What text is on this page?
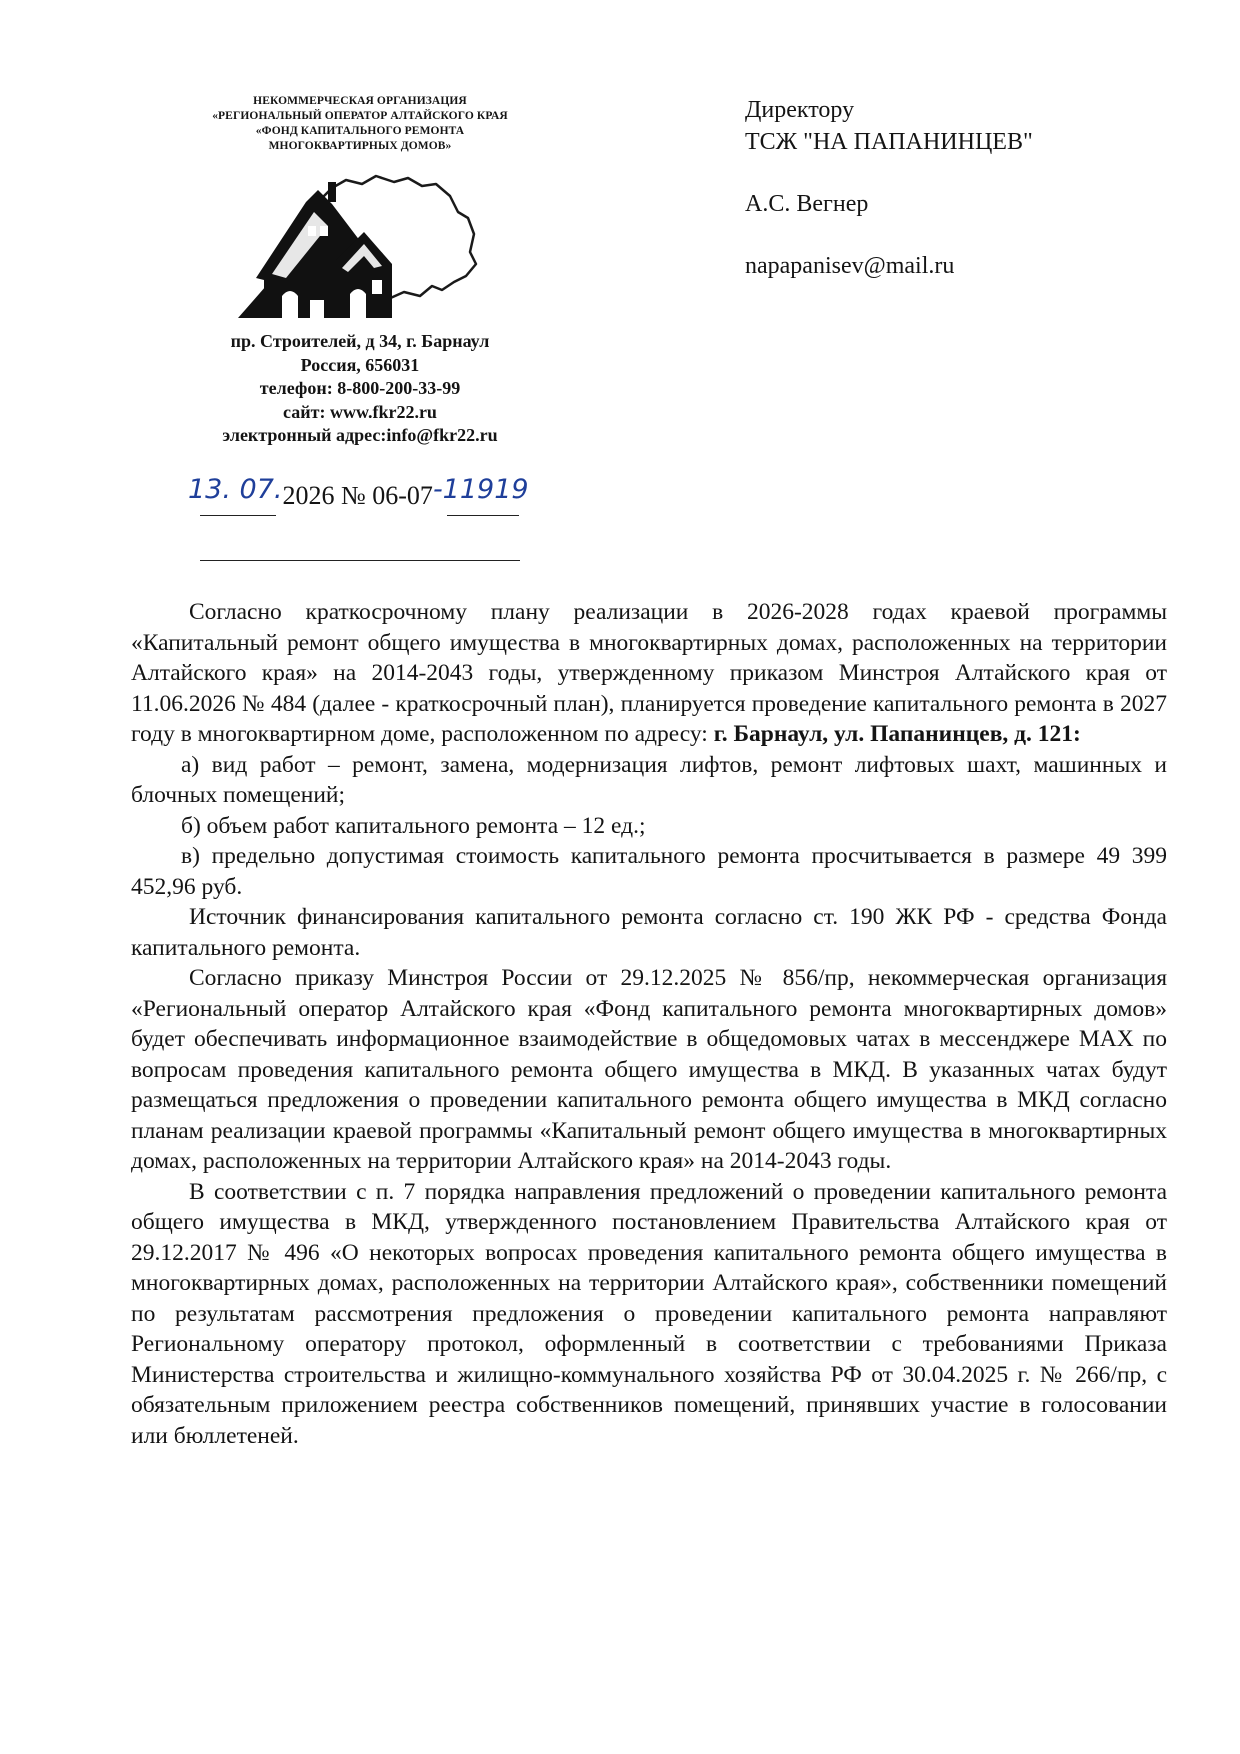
НЕКОММЕРЧЕСКАЯ ОРГАНИЗАЦИЯ
«РЕГИОНАЛЬНЫЙ ОПЕРАТОР АЛТАЙСКОГО КРАЯ
«ФОНД КАПИТАЛЬНОГО РЕМОНТА
МНОГОКВАРТИРНЫХ ДОМОВ»
пр. Строителей, д 34, г. Барнаул
Россия, 656031
телефон: 8-800-200-33-99
сайт: www.fkr22.ru
электронный адрес:info@fkr22.ru
13. 07.2026 № 06-07-11919
Директору
ТСЖ "НА ПАПАНИНЦЕВ"
А.С. Вегнер
napapanisev@mail.ru

Согласно краткосрочному плану реализации в 2026-2028 годах краевой программы «Капитальный ремонт общего имущества в многоквартирных домах, расположенных на территории Алтайского края» на 2014-2043 годы, утвержденному приказом Минстроя Алтайского края от 11.06.2026 № 484 (далее - краткосрочный план), планируется проведение капитального ремонта в 2027 году в многоквартирном доме, расположенном по адресу: г. Барнаул, ул. Папанинцев, д. 121:

а) вид работ – ремонт, замена, модернизация лифтов, ремонт лифтовых шахт, машинных и блочных помещений;

б) объем работ капитального ремонта – 12 ед.;

в) предельно допустимая стоимость капитального ремонта просчитывается в размере 49 399 452,96 руб.

Источник финансирования капитального ремонта согласно ст. 190 ЖК РФ - средства Фонда капитального ремонта.

Согласно приказу Минстроя России от 29.12.2025 № 856/пр, некоммерческая организация «Региональный оператор Алтайского края «Фонд капитального ремонта многоквартирных домов» будет обеспечивать информационное взаимодействие в общедомовых чатах в мессенджере MAX по вопросам проведения капитального ремонта общего имущества в МКД. В указанных чатах будут размещаться предложения о проведении капитального ремонта общего имущества в МКД согласно планам реализации краевой программы «Капитальный ремонт общего имущества в многоквартирных домах, расположенных на территории Алтайского края» на 2014-2043 годы.

В соответствии с п. 7 порядка направления предложений о проведении капитального ремонта общего имущества в МКД, утвержденного постановлением Правительства Алтайского края от 29.12.2017 № 496 «О некоторых вопросах проведения капитального ремонта общего имущества в многоквартирных домах, расположенных на территории Алтайского края», собственники помещений по результатам рассмотрения предложения о проведении капитального ремонта направляют Региональному оператору протокол, оформленный в соответствии с требованиями Приказа Министерства строительства и жилищно-коммунального хозяйства РФ от 30.04.2025 г. № 266/пр, с обязательным приложением реестра собственников помещений, принявших участие в голосовании или бюллетеней.
